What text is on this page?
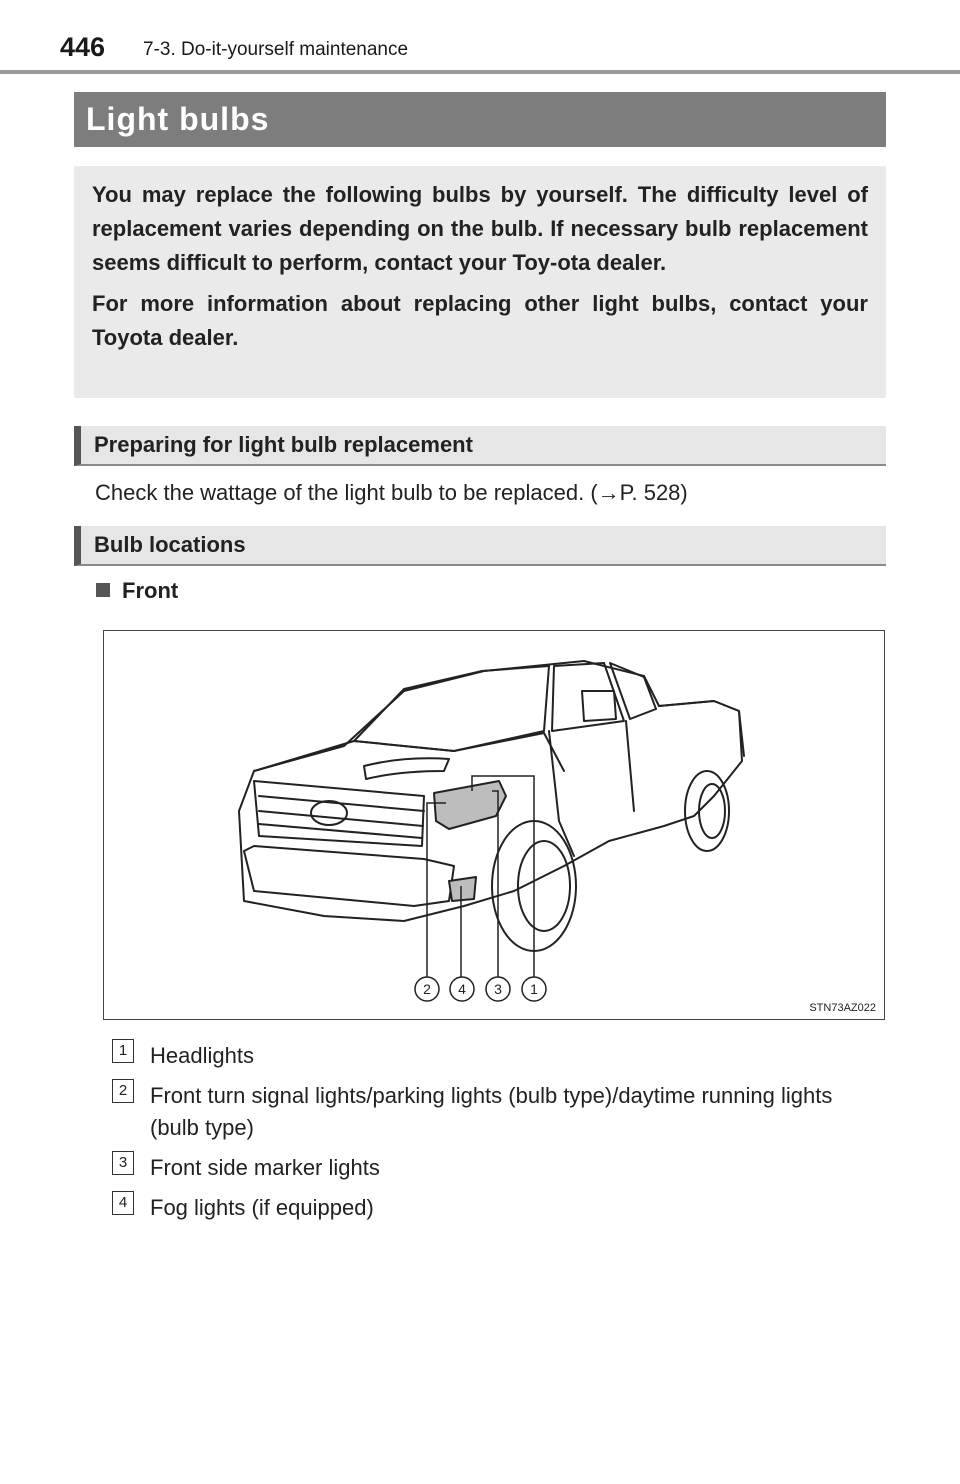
446 7-3. Do-it-yourself maintenance
Light bulbs

You may replace the following bulbs by yourself. The difficulty level of replacement varies depending on the bulb. If necessary bulb replacement seems difficult to perform, contact your Toy-ota dealer.

For more information about replacing other light bulbs, contact your Toyota dealer.

Preparing for light bulb replacement
Check the wattage of the light bulb to be replaced. (→P. 528)
Bulb locations
Front
2 4 3 1
STN73AZ022
1	Headlights
2	Front turn signal lights/parking lights (bulb type)/daytime running lights (bulb type)
3	Front side marker lights
4	Fog lights (if equipped)
